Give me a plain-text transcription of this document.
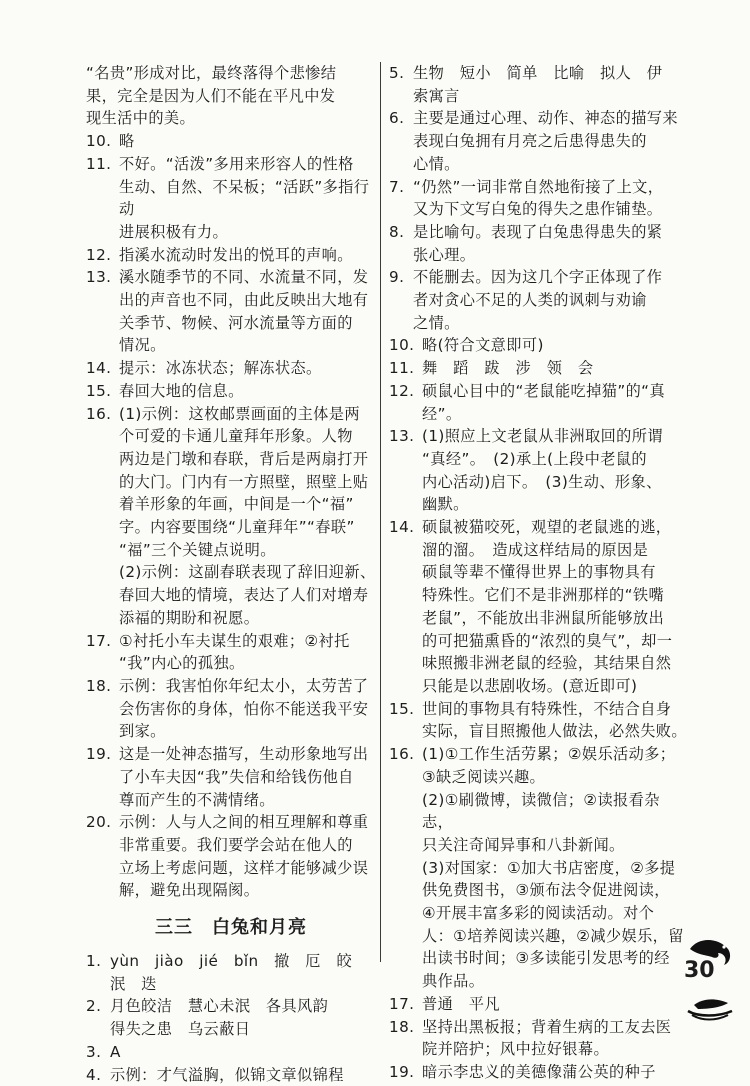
“名贵”形成对比，最终落得个悲惨结
果，完全是因为人们不能在平凡中发
现生活中的美。
10. 略
11. 不好。“活泼”多用来形容人的性格
生动、自然、不呆板；“活跃”多指行动
进展积极有力。
12. 指溪水流动时发出的悦耳的声响。
13. 溪水随季节的不同、水流量不同，发
出的声音也不同，由此反映出大地有
关季节、物候、河水流量等方面的
情况。
14. 提示：冰冻状态；解冻状态。
15. 春回大地的信息。
16. (1)示例：这枚邮票画面的主体是两
个可爱的卡通儿童拜年形象。人物
两边是门墩和春联，背后是两扇打开
的大门。门内有一方照壁，照壁上贴
着羊形象的年画，中间是一个“福”
字。内容要围绕“儿童拜年”“春联”
“福”三个关键点说明。
(2)示例：这副春联表现了辞旧迎新、
春回大地的情境，表达了人们对增寿
添福的期盼和祝愿。
17. ①衬托小车夫谋生的艰难；②衬托
“我”内心的孤独。
18. 示例：我害怕你年纪太小，太劳苦了
会伤害你的身体，怕你不能送我平安
到家。
19. 这是一处神态描写，生动形象地写出
了小车夫因“我”失信和给钱伤他自
尊而产生的不满情绪。
20. 示例：人与人之间的相互理解和尊重
非常重要。我们要学会站在他人的
立场上考虑问题，这样才能够减少误
解，避免出现隔阂。
三三　白兔和月亮
1. yùn　jiào　jié　bǐn　撤　厄　皎
泯　迭
2. 月色皎洁　慧心未泯　各具风韵
得失之患　乌云蔽日
3. A
4. 示例：才气溢胸，似锦文章似锦程
5. 生物　短小　简单　比喻　拟人　伊
索寓言
6. 主要是通过心理、动作、神态的描写来
表现白兔拥有月亮之后患得患失的
心情。
7. “仍然”一词非常自然地衔接了上文，
又为下文写白兔的得失之患作铺垫。
8. 是比喻句。表现了白兔患得患失的紧
张心理。
9. 不能删去。因为这几个字正体现了作
者对贪心不足的人类的讽刺与劝谕
之情。
10. 略(符合文意即可)
11. 舞　蹈　跋　涉　领　会
12. 硕鼠心目中的“老鼠能吃掉猫”的“真
经”。
13. (1)照应上文老鼠从非洲取回的所谓
“真经”。　(2)承上(上段中老鼠的
内心活动)启下。　(3)生动、形象、
幽默。
14. 硕鼠被猫咬死，观望的老鼠逃的逃，
溜的溜。　造成这样结局的原因是
硕鼠等辈不懂得世界上的事物具有
特殊性。它们不是非洲那样的“铁嘴
老鼠”，不能放出非洲鼠所能够放出
的可把猫熏昏的“浓烈的臭气”，却一
味照搬非洲老鼠的经验，其结果自然
只能是以悲剧收场。(意近即可)
15. 世间的事物具有特殊性，不结合自身
实际，盲目照搬他人做法，必然失败。
16. (1)①工作生活劳累；②娱乐活动多；
③缺乏阅读兴趣。
(2)①刷微博，读微信；②读报看杂志，
只关注奇闻异事和八卦新闻。
(3)对国家：①加大书店密度，②多提
供免费图书，③颁布法令促进阅读，
④开展丰富多彩的阅读活动。对个
人：①培养阅读兴趣，②减少娱乐，留
出读书时间；③多读能引发思考的经
典作品。
17. 普通　平凡
18. 坚持出黑板报；背着生病的工友去医
院并陪护；风中拉好银幕。
19. 暗示李忠义的美德像蒲公英的种子
30
